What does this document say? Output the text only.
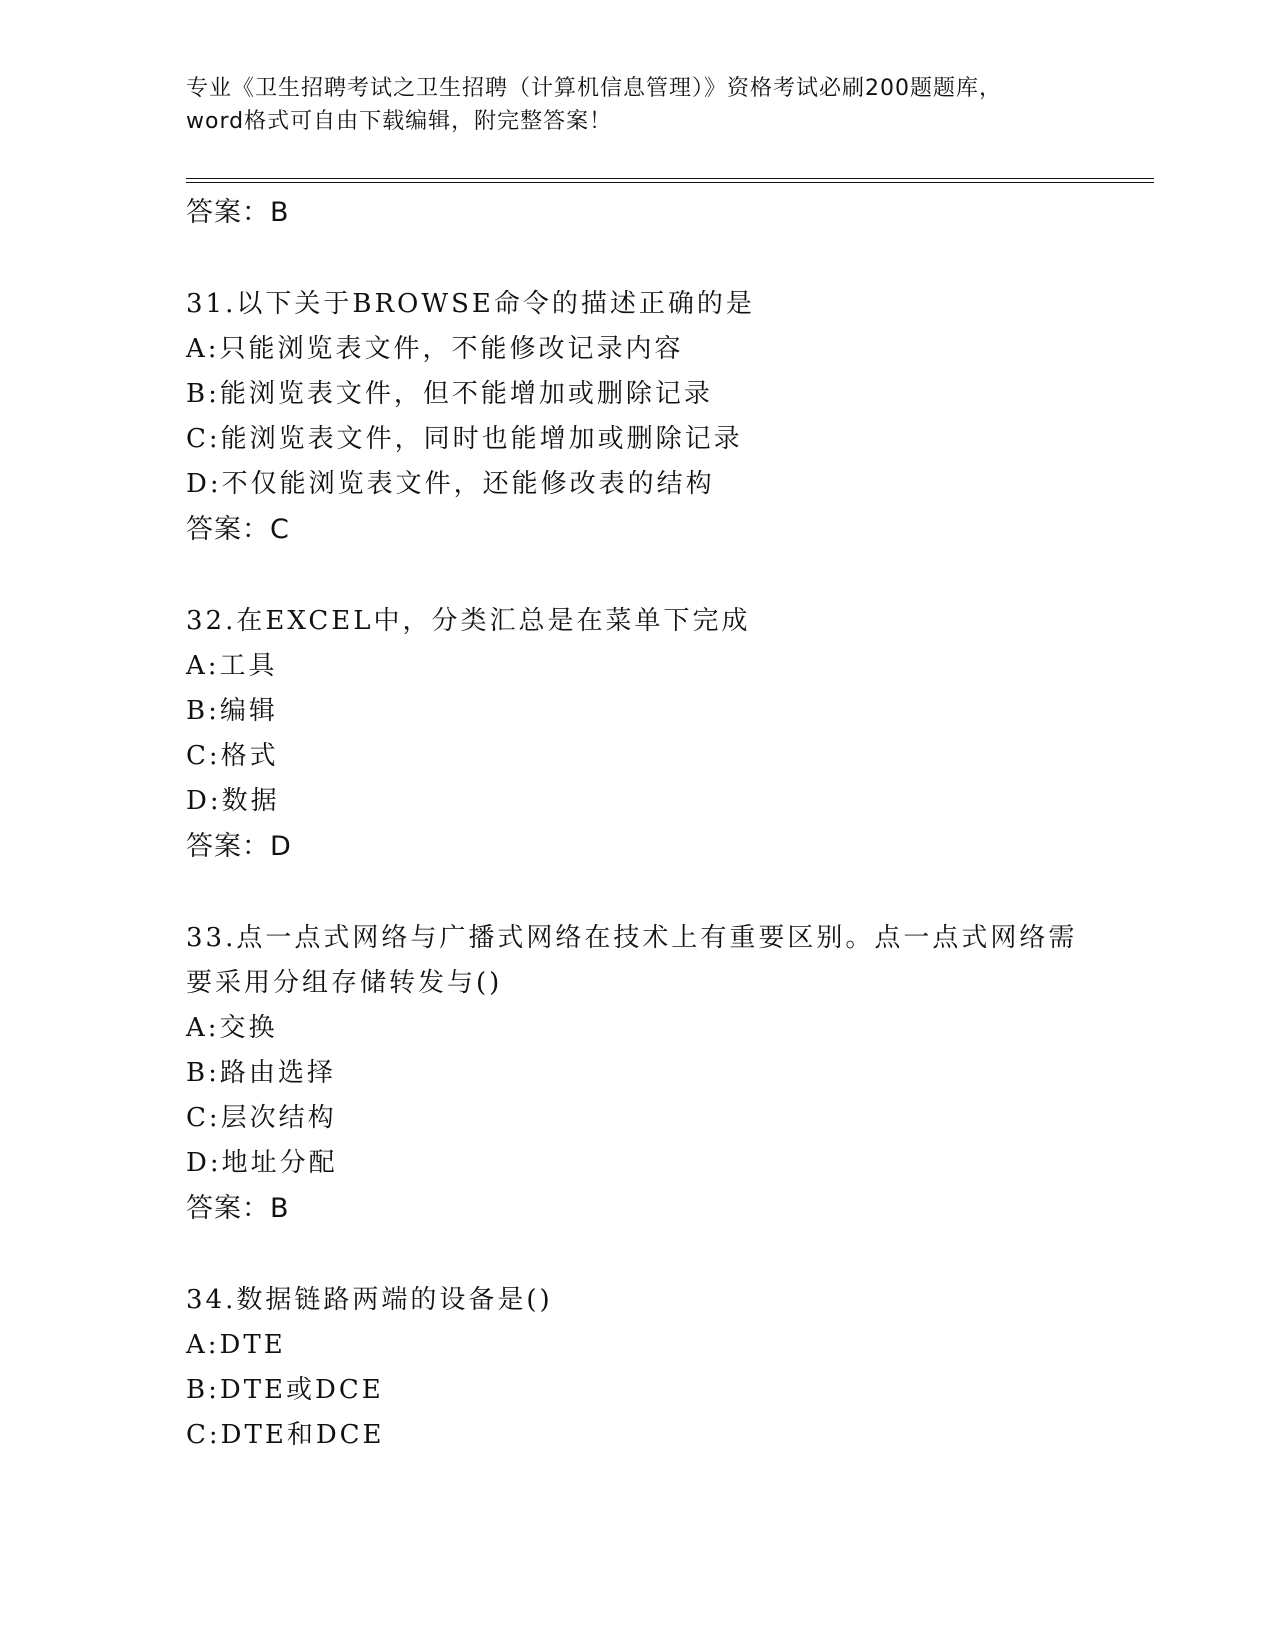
专业《卫生招聘考试之卫生招聘（计算机信息管理）》资格考试必刷200题题库，
word格式可自由下载编辑，附完整答案！
答案：B
31.以下关于BROWSE命令的描述正确的是
A:只能浏览表文件，不能修改记录内容
B:能浏览表文件，但不能增加或删除记录
C:能浏览表文件，同时也能增加或删除记录
D:不仅能浏览表文件，还能修改表的结构
答案：C
32.在EXCEL中，分类汇总是在菜单下完成
A:工具
B:编辑
C:格式
D:数据
答案：D
33.点一点式网络与广播式网络在技术上有重要区别。点一点式网络需
要采用分组存储转发与()
A:交换
B:路由选择
C:层次结构
D:地址分配
答案：B
34.数据链路两端的设备是()
A:DTE
B:DTE或DCE
C:DTE和DCE
